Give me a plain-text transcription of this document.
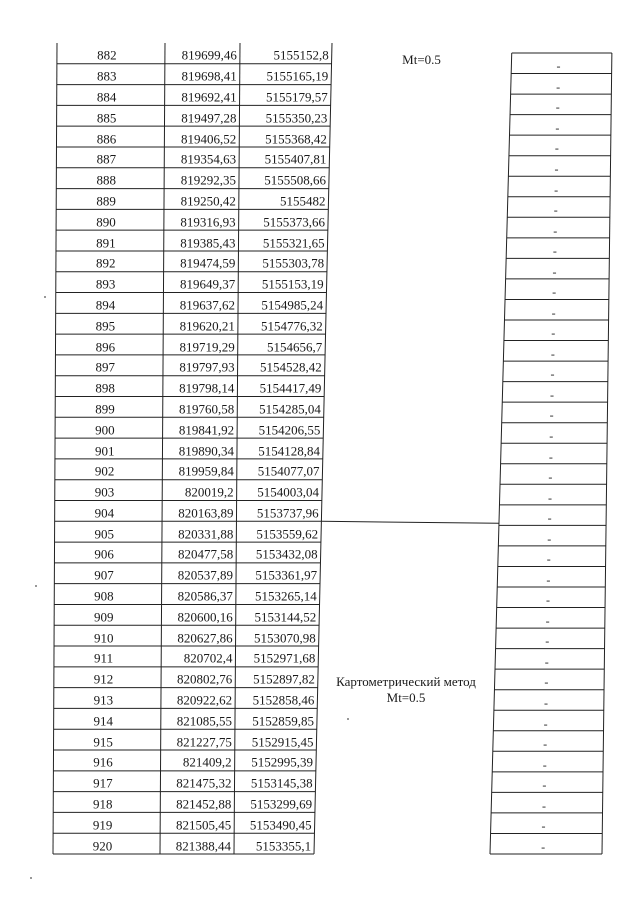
882	819699,46	5155152,8
-
883	819698,41	5155165,19
-
884	819692,41	5155179,57
-
885	819497,28	5155350,23
-
886	819406,52	5155368,42
-
887	819354,63	5155407,81
-
888	819292,35	5155508,66
-
889	819250,42	5155482
-
890	819316,93	5155373,66
-
891	819385,43	5155321,65
-
892	819474,59	5155303,78
-
893	819649,37	5155153,19
-
894	819637,62	5154985,24
-
895	819620,21	5154776,32
-
896	819719,29	5154656,7	-
897	819797,93	5154528,42	-
898	819798,14	5154417,49	-
899	819760,58	5154285,04	-
900	819841,92	5154206,55	-
901	819890,34	5154128,84	-
902	819959,84	5154077,07	-
903	820019,2	5154003,04	-
904	820163,89	5153737,96	-
905	820331,88	5153559,62	-
906	820477,58	5153432,08	-
907	820537,89	5153361,97	-
908	820586,37	5153265,14	-
909	820600,16	5153144,52	-
910	820627,86	5153070,98	-
911	820702,4	5152971,68	-
912	820802,76	5152897,82	-
913	820922,62	5152858,46	-
914	821085,55	5152859,85	-
915	821227,75	5152915,45	-
916	821409,2	5152995,39	-
917	821475,32	5153145,38	-
918	821452,88	5153299,69	-
919	821505,45	5153490,45	-
920	821388,44	5153355,1	-
Mt=0.5
Картометрический метод
Mt=0.5
